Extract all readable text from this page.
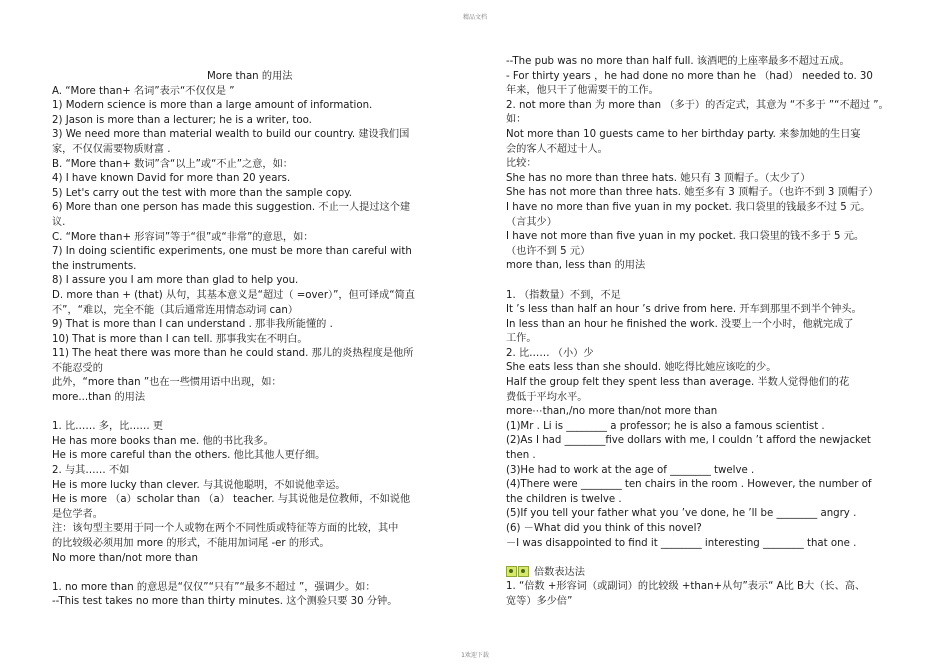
精品文档
More than 的用法
A. “More than+ 名词”表示“不仅仅是 ”
1) Modern science is more than a large amount of information.
2) Jason is more than a lecturer; he is a writer, too.
3) We need more than material wealth to build our country. 建设我们国
家，不仅仅需要物质财富 .
B. “More than+ 数词”含“以上”或“不止”之意，如：
4) I have known David for more than 20 years.
5) Let's carry out the test with more than the sample copy.
6) More than one person has made this suggestion. 不止一人提过这个建
议.
C. “More than+ 形容词”等于“很”或“非常”的意思，如：
7) In doing scientific experiments, one must be more than careful with
the instruments.
8) I assure you I am more than glad to help you.
D. more than + (that) 从句，其基本意义是“超过（ =over）”，但可译成“简直
不”，“难以，完全不能（其后通常连用情态动词 can）
9) That is more than I can understand . 那非我所能懂的 .
10) That is more than I can tell. 那事我实在不明白。
11) The heat there was more than he could stand. 那儿的炎热程度是他所
不能忍受的
此外，“more than ”也在一些惯用语中出现，如：
more...than 的用法
1. 比…… 多，比…… 更
He has more books than me. 他的书比我多。
He is more careful than the others. 他比其他人更仔细。
2. 与其…… 不如
He is more lucky than clever. 与其说他聪明，不如说他幸运。
He is more （a）scholar than （a） teacher. 与其说他是位教师，不如说他
是位学者。
注：该句型主要用于同一个人或物在两个不同性质或特征等方面的比较，其中
的比较级必须用加 more 的形式，不能用加词尾 -er 的形式。
No more than/not more than
1. no more than 的意思是“仅仅”“只有”“最多不超过 ”，强调少。如：
--This test takes no more than thirty minutes. 这个测验只要 30 分钟。
--The pub was no more than half full. 该酒吧的上座率最多不超过五成。
- For thirty years ，he had done no more than he （had） needed to. 30
年来，他只干了他需要干的工作。
2. not more than 为 more than （多于）的否定式，其意为 “不多于 ”“不超过 ”。
如：
Not more than 10 guests came to her birthday party. 来参加她的生日宴
会的客人不超过十人。
比较：
She has no more than three hats. 她只有 3 顶帽子。（太少了）
She has not more than three hats. 她至多有 3 顶帽子。（也许不到 3 顶帽子）
I have no more than five yuan in my pocket. 我口袋里的钱最多不过 5 元。
（言其少）
I have not more than five yuan in my pocket. 我口袋里的钱不多于 5 元。
（也许不到 5 元）
more than, less than 的用法
1. （指数量）不到，不足
It ’s less than half an hour ’s drive from here. 开车到那里不到半个钟头。
In less than an hour he finished the work. 没要上一个小时，他就完成了
工作。
2. 比…… （小）少
She eats less than she should. 她吃得比她应该吃的少。
Half the group felt they spent less than average. 半数人觉得他们的花
费低于平均水平。
more⋯than,/no more than/not more than
(1)Mr . Li is ________ a professor; he is also a famous scientist .
(2)As I had ________five dollars with me, I couldn ’t afford the newjacket
then .
(3)He had to work at the age of ________ twelve .
(4)There were ________ ten chairs in the room . However, the number of
the children is twelve .
(5)If you tell your father what you ’ve done, he ’ll be ________ angry .
(6) －What did you think of this novel?
－I was disappointed to find it ________ interesting ________ that one .
倍数表达法
1. “倍数 +形容词（或副词）的比较级 +than+从句”表示“ A比 B大（长、高、
宽等）多少倍”
1欢迎下载
